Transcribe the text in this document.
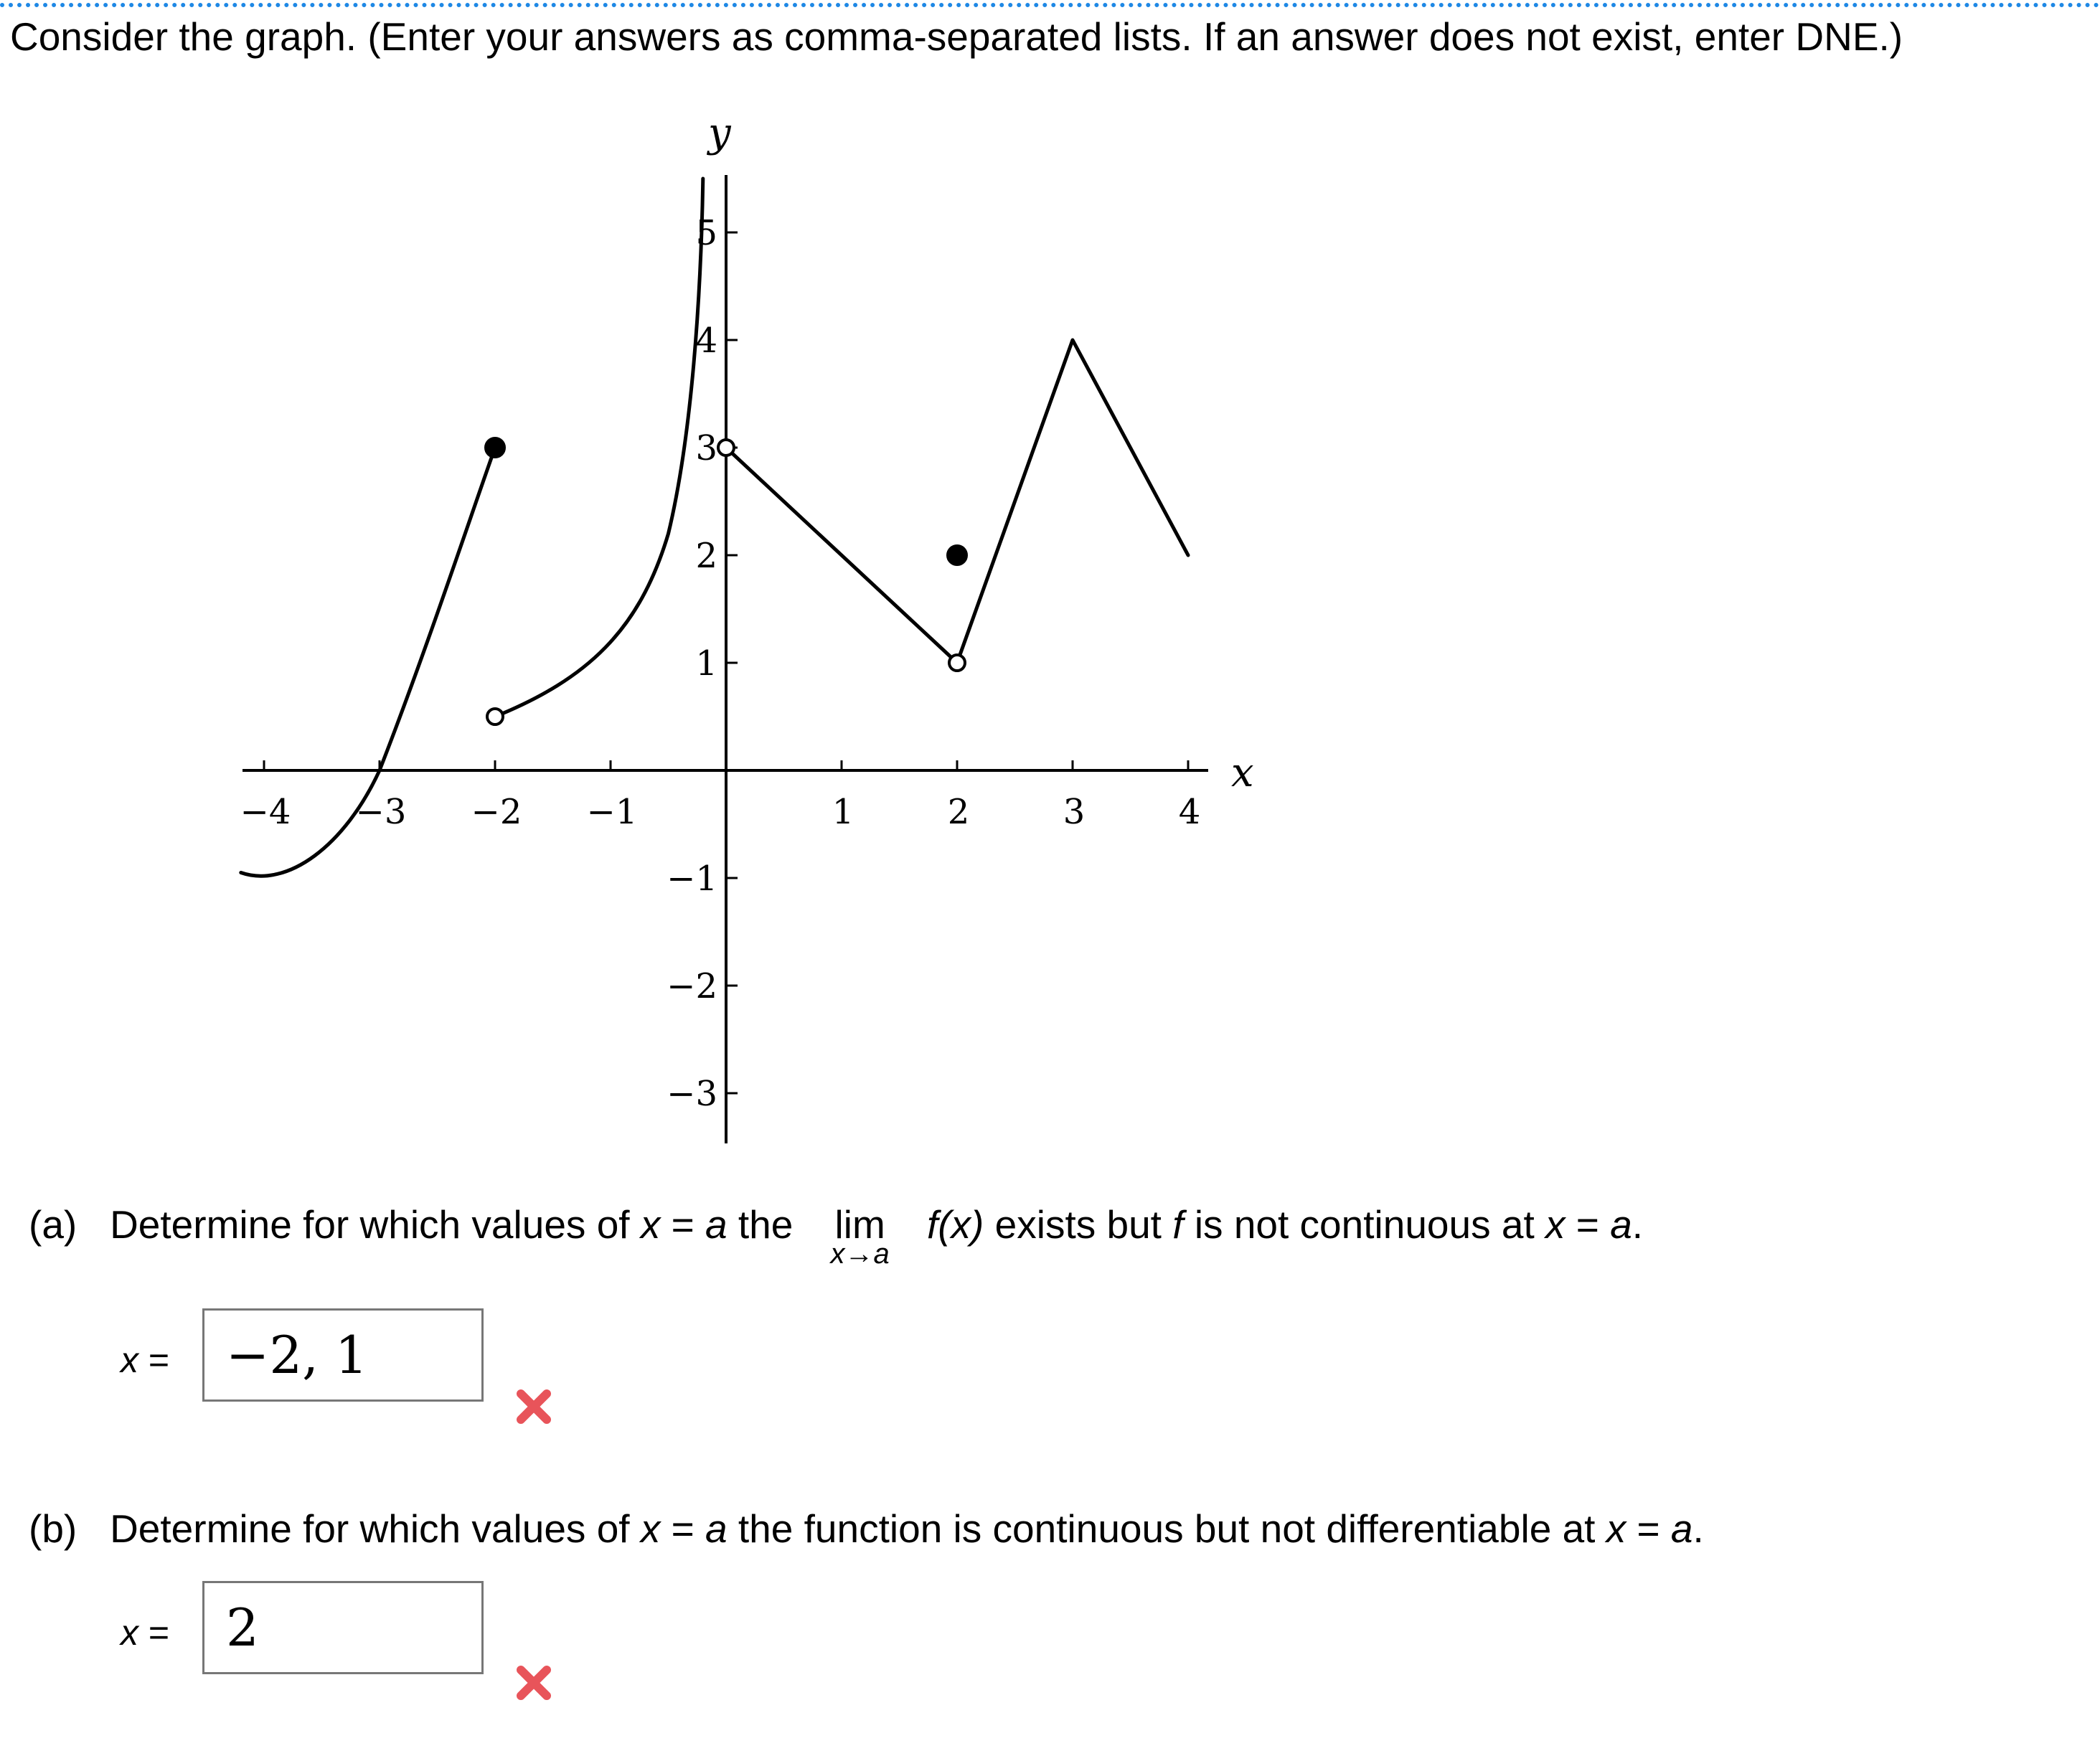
Consider the graph. (Enter your answers as comma-separated lists. If an answer does not exist, enter DNE.)
x
y
−4 −3 −2 −1	1	2	3	4
5
4
3
2
1
−1
−2
−3
(a) Determine for which values of x = a the lim
x→a
f(x) exists but f is not continuous at x = a.
x =	−2, 1
(b) Determine for which values of x = a the function is continuous but not differentiable at x = a.
x =	2
